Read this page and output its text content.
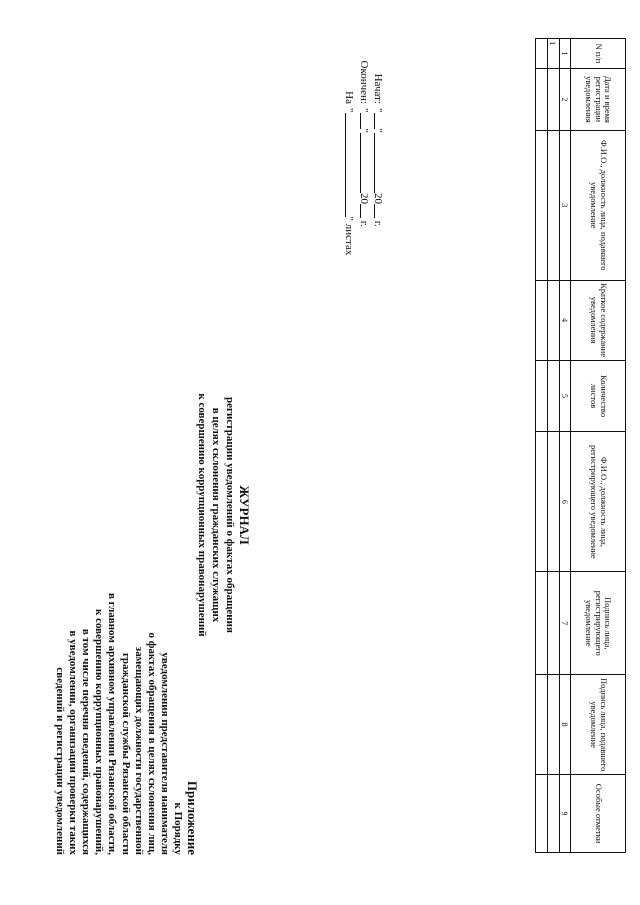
Приложение
к Порядку
уведомления представителя нанимателя
о фактах обращения в целях склонения лиц,
замещающих должности государственной
гражданской службы Рязанской области
в главном архивном управлении Рязанской области,
к совершению коррупционных правонарушений,
в том числе перечня сведений, содержащихся
в уведомлении, организации проверки таких
сведений и регистрации уведомлений
ЖУРНАЛ
регистрации уведомлений о фактах обращения
в целях склонения гражданских служащих
к совершению коррупционных правонарушений
Начат:""20 г.
Окончен:""20 г.
На"" листах
N п/п	Дата и время регистрации уведомления	Ф.И.О., должность лица, подавшего уведомление	Краткое содержание уведомления	Количество листов	Ф.И.О., должность лица, регистрирующего уведомление	Подпись лица, регистрирующего уведомление	Подпись лица, подавшего уведомление	Особые отметки
1	2	3	4	5	6	7	8	9
1								
